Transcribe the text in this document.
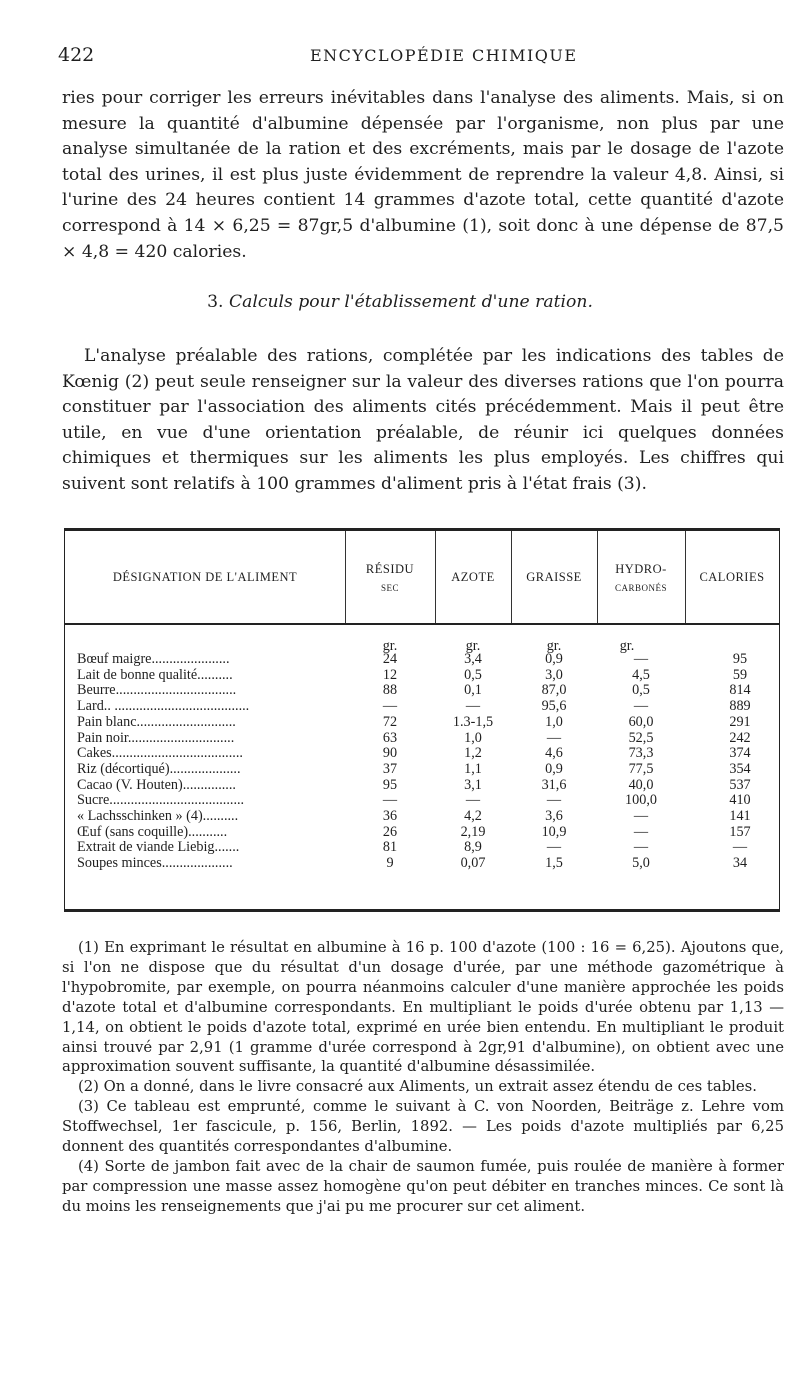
422	ENCYCLOPÉDIE CHIMIQUE
ries pour corriger les erreurs inévitables dans l'analyse des aliments. Mais, si on mesure la quantité d'albumine dépensée par l'organisme, non plus par une analyse simultanée de la ration et des excréments, mais par le dosage de l'azote total des urines, il est plus juste évidemment de reprendre la valeur 4,8. Ainsi, si l'urine des 24 heures contient 14 grammes d'azote total, cette quantité d'azote correspond à 14 × 6,25 = 87gr,5 d'albumine (1), soit donc à une dépense de 87,5 × 4,8 = 420 calories.
3. Calculs pour l'établissement d'une ration.
L'analyse préalable des rations, complétée par les indications des tables de Kœnig (2) peut seule renseigner sur la valeur des diverses rations que l'on pourra constituer par l'association des aliments cités précédemment. Mais il peut être utile, en vue d'une orientation préalable, de réunir ici quelques données chimiques et thermiques sur les aliments les plus employés. Les chiffres qui suivent sont relatifs à 100 grammes d'aliment pris à l'état frais (3).
DÉSIGNATION DE L'ALIMENT
RÉSIDU
SEC
AZOTE	GRAISSE
HYDRO-
CARBONÉS
CALORIES
gr.	gr.	gr.	gr.
Bœuf maigre......................	24	3,4	0,9	—	95
Lait de bonne qualité..........	12	0,5	3,0	4,5	59
Beurre..................................	88	0,1	87,0	0,5	814
Lard.. ......................................	—	—	95,6	—	889
Pain blanc............................	72	1.3-1,5	1,0	60,0	291
Pain noir..............................	63	1,0	—	52,5	242
Cakes.....................................	90	1,2	4,6	73,3	374
Riz (décortiqué)....................	37	1,1	0,9	77,5	354
Cacao (V. Houten)...............	95	3,1	31,6	40,0	537
Sucre......................................	—	—	—	100,0	410
« Lachsschinken » (4)..........	36	4,2	3,6	—	141
Œuf (sans coquille)...........	26	2,19	10,9	—	157
Extrait de viande Liebig.......	81	8,9	—	—	—
Soupes minces....................	9	0,07	1,5	5,0	34

(1) En exprimant le résultat en albumine à 16 p. 100 d'azote (100 : 16 = 6,25). Ajoutons que, si l'on ne dispose que du résultat d'un dosage d'urée, par une méthode gazométrique à l'hypobromite, par exemple, on pourra néanmoins calculer d'une manière approchée les poids d'azote total et d'albumine correspondants. En multipliant le poids d'urée obtenu par 1,13 — 1,14, on obtient le poids d'azote total, exprimé en urée bien entendu. En multipliant le produit ainsi trouvé par 2,91 (1 gramme d'urée correspond à 2gr,91 d'albumine), on obtient avec une approximation souvent suffisante, la quantité d'albumine désassimilée.

(2) On a donné, dans le livre consacré aux Aliments, un extrait assez étendu de ces tables.

(3) Ce tableau est emprunté, comme le suivant à C. von Noorden, Beiträge z. Lehre vom Stoffwechsel, 1er fascicule, p. 156, Berlin, 1892. — Les poids d'azote multipliés par 6,25 donnent des quantités correspondantes d'albumine.

(4) Sorte de jambon fait avec de la chair de saumon fumée, puis roulée de manière à former par compression une masse assez homogène qu'on peut débiter en tranches minces. Ce sont là du moins les renseignements que j'ai pu me procurer sur cet aliment.
